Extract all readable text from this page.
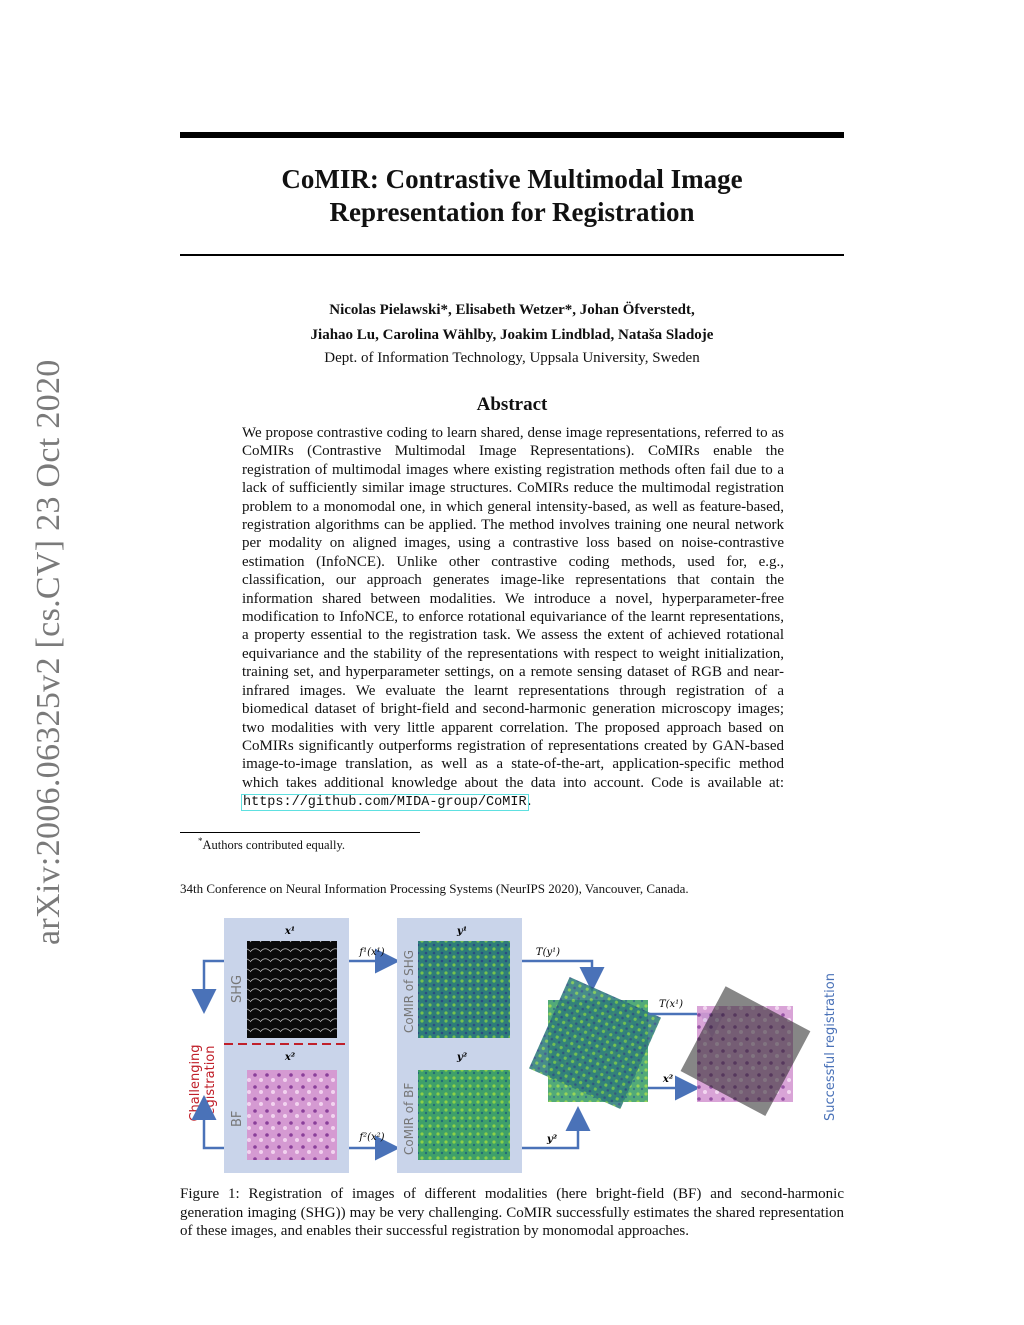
CoMIR: Contrastive Multimodal Image
Representation for Registration
Nicolas Pielawski*, Elisabeth Wetzer*, Johan Öfverstedt,
Jiahao Lu, Carolina Wählby, Joakim Lindblad, Nataša Sladoje
Dept. of Information Technology, Uppsala University, Sweden
Abstract
We propose contrastive coding to learn shared, dense image representations, referred to as CoMIRs (Contrastive Multimodal Image Representations). CoMIRs enable the registration of multimodal images where existing registration methods often fail due to a lack of sufficiently similar image structures. CoMIRs reduce the multimodal registration problem to a monomodal one, in which general intensity-based, as well as feature-based, registration algorithms can be applied. The method involves training one neural network per modality on aligned images, using a contrastive loss based on noise-contrastive estimation (InfoNCE). Unlike other contrastive coding methods, used for, e.g., classification, our approach generates image-like representations that contain the information shared between modalities. We introduce a novel, hyperparameter-free modification to InfoNCE, to enforce rotational equivariance of the learnt representations, a property essential to the registration task. We assess the extent of achieved rotational equivariance and the stability of the representations with respect to weight initialization, training set, and hyperparameter settings, on a remote sensing dataset of RGB and near-infrared images. We evaluate the learnt representations through registration of a biomedical dataset of bright-field and second-harmonic generation microscopy images; two modalities with very little apparent correlation. The proposed approach based on CoMIRs significantly outperforms registration of representations created by GAN-based image-to-image translation, as well as a state-of-the-art, application-specific method which takes additional knowledge about the data into account. Code is available at: https://github.com/MIDA-group/CoMIR.
*Authors contributed equally.
34th Conference on Neural Information Processing Systems (NeurIPS 2020), Vancouver, Canada.
arXiv:2006.06325v2 [cs.CV] 23 Oct 2020	x¹
SHG
x²
BF
Challenging registration
f¹(x¹)
f²(x²)
y¹
CoMIR of SHG
y²
CoMIR of BF
T(y¹)
y²
T(x¹)
x²	Successful registration
Figure 1: Registration of images of different modalities (here bright-field (BF) and second-harmonic generation imaging (SHG)) may be very challenging. CoMIR successfully estimates the shared representation of these images, and enables their successful registration by monomodal approaches.
